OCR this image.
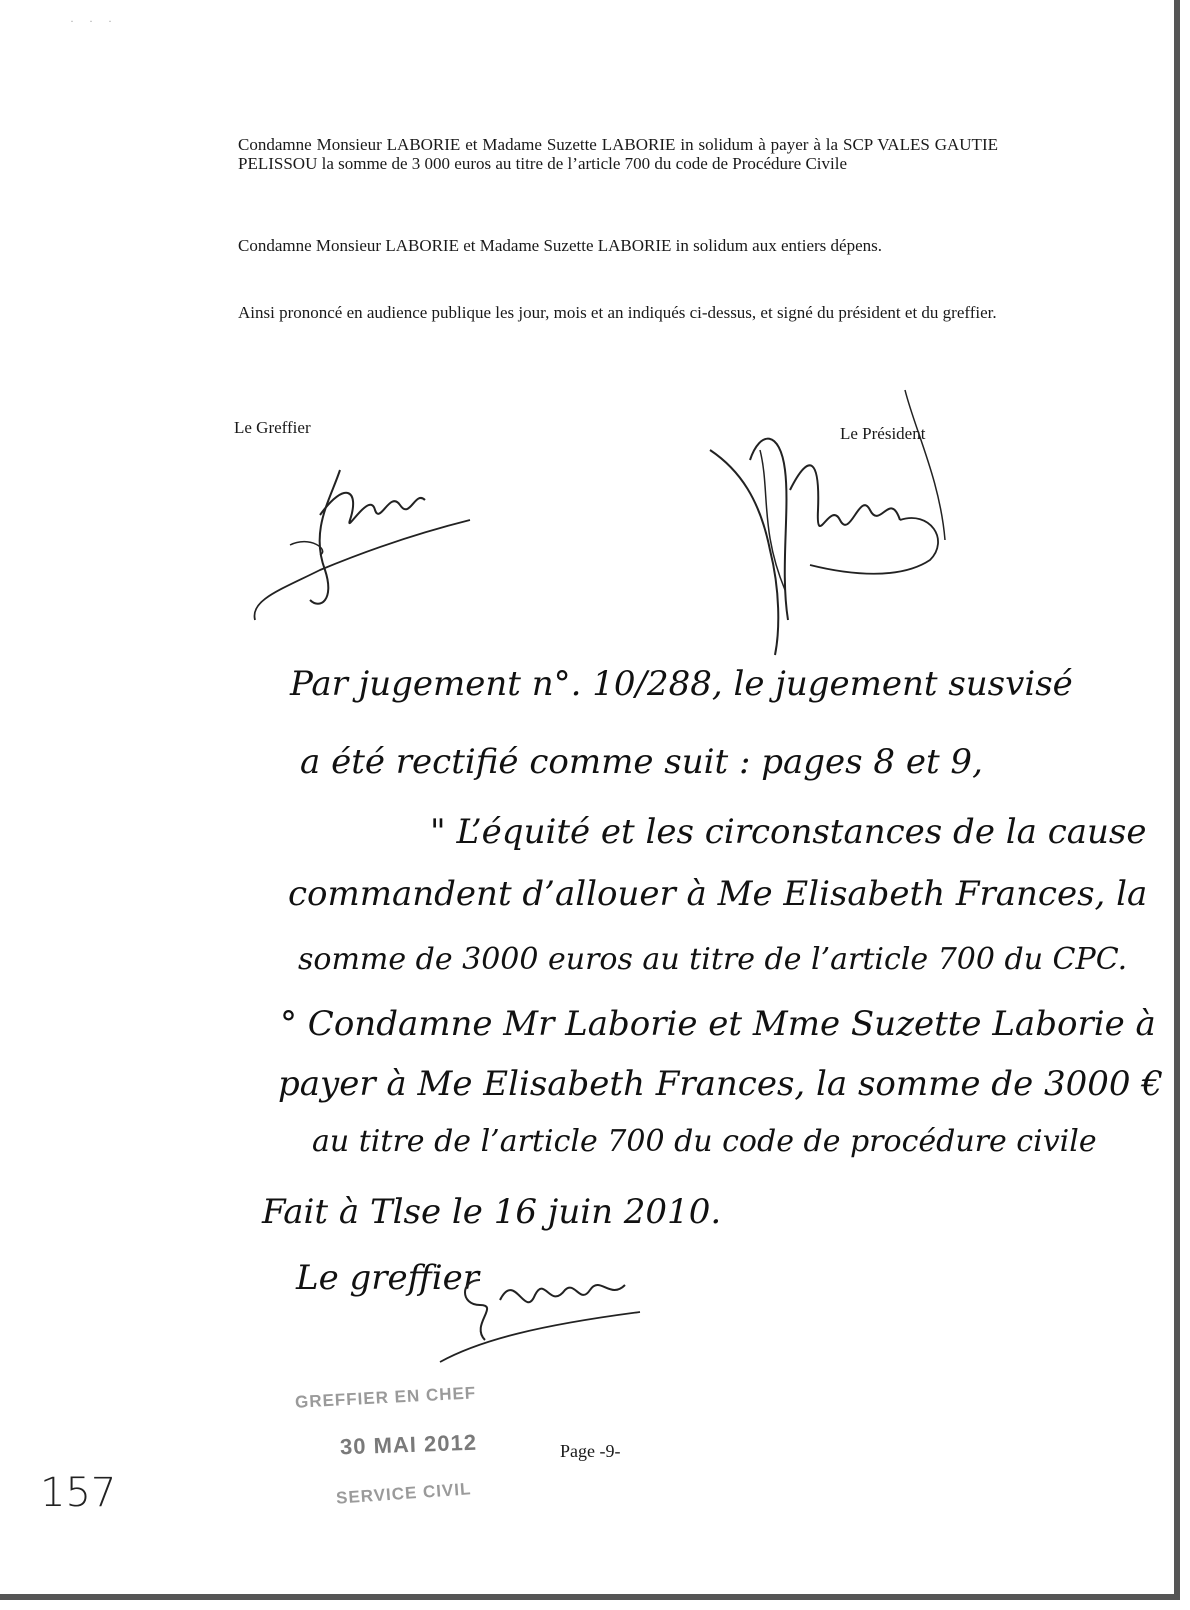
· · ·
Condamne Monsieur LABORIE et Madame Suzette LABORIE in solidum à payer à la SCP VALES GAUTIE PELISSOU la somme de 3 000 euros au titre de l’article 700 du code de Procédure Civile
Condamne Monsieur LABORIE et Madame Suzette LABORIE in solidum aux entiers dépens.
Ainsi prononcé en audience publique les jour, mois et an indiqués ci-dessus, et signé du président et du greffier.
Le Greffier	Le Président
Par jugement n°. 10/288, le jugement susvisé
a été rectifié comme suit : pages 8 et 9,
" L’équité et les circonstances de la cause
commandent d’allouer à Me Elisabeth Frances, la
somme de 3000 euros au titre de l’article 700 du CPC.
° Condamne Mr Laborie et Mme Suzette Laborie à
payer à Me Elisabeth Frances, la somme de 3000 €
au titre de l’article 700 du code de procédure civile
Fait à Tlse le 16 juin 2010.
Le greffier
GREFFIER EN CHEF
30 MAI 2012
SERVICE CIVIL
Page -9-
157
